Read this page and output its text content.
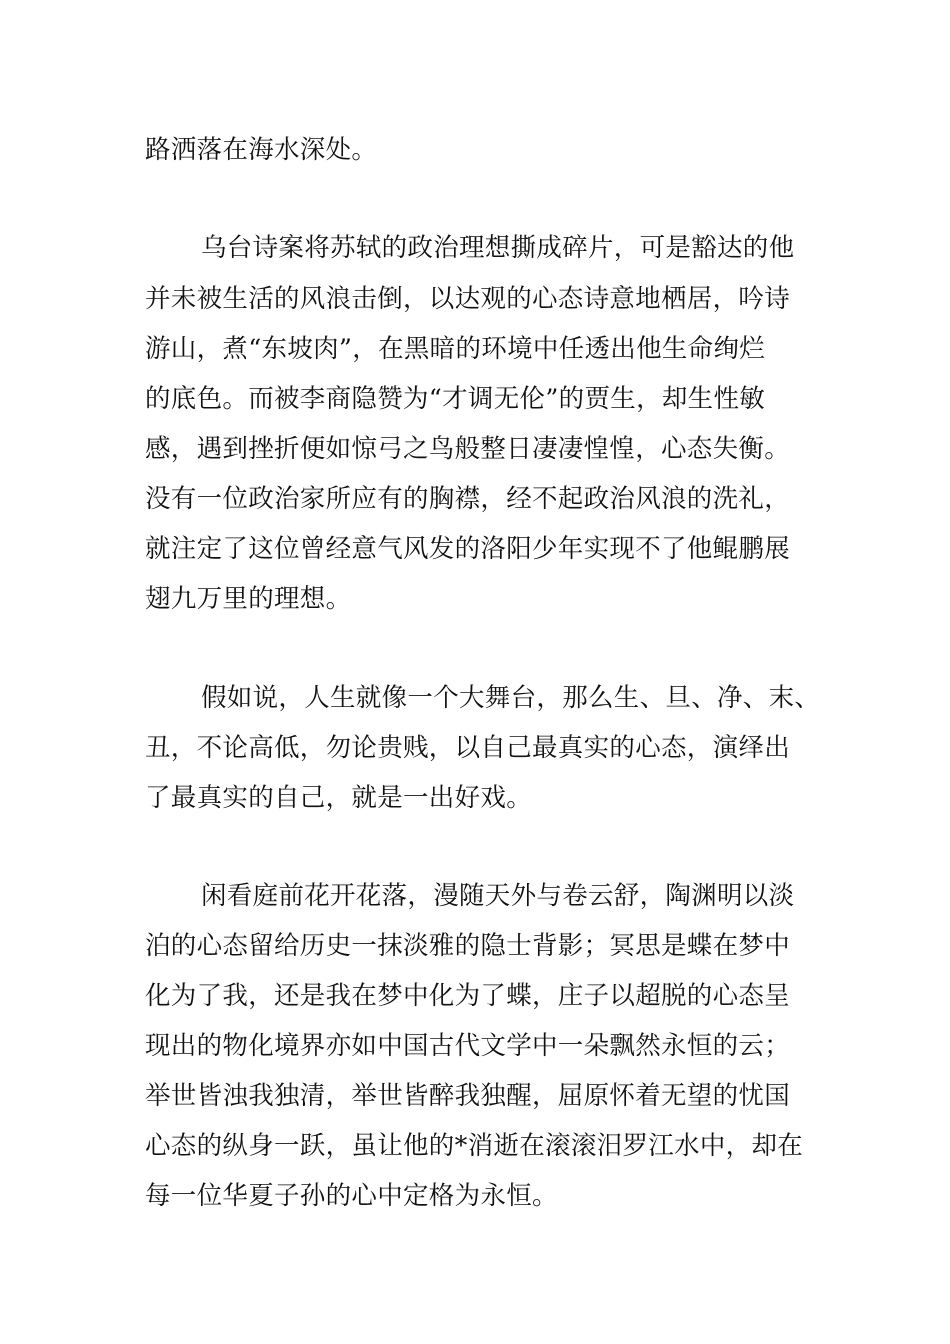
路洒落在海水深处。
乌台诗案将苏轼的政治理想撕成碎片，可是豁达的他
并未被生活的风浪击倒，以达观的心态诗意地栖居，吟诗
游山，煮“东坡肉”，在黑暗的环境中任透出他生命绚烂
的底色。而被李商隐赞为“才调无伦”的贾生，却生性敏
感，遇到挫折便如惊弓之鸟般整日凄凄惶惶，心态失衡。
没有一位政治家所应有的胸襟，经不起政治风浪的洗礼，
就注定了这位曾经意气风发的洛阳少年实现不了他鲲鹏展
翅九万里的理想。
假如说，人生就像一个大舞台，那么生、旦、净、末、
丑，不论高低，勿论贵贱，以自己最真实的心态，演绎出
了最真实的自己，就是一出好戏。
闲看庭前花开花落，漫随天外与卷云舒，陶渊明以淡
泊的心态留给历史一抹淡雅的隐士背影；冥思是蝶在梦中
化为了我，还是我在梦中化为了蝶，庄子以超脱的心态呈
现出的物化境界亦如中国古代文学中一朵飘然永恒的云；
举世皆浊我独清，举世皆醉我独醒，屈原怀着无望的忧国
心态的纵身一跃，虽让他的*消逝在滚滚汨罗江水中，却在
每一位华夏子孙的心中定格为永恒。
